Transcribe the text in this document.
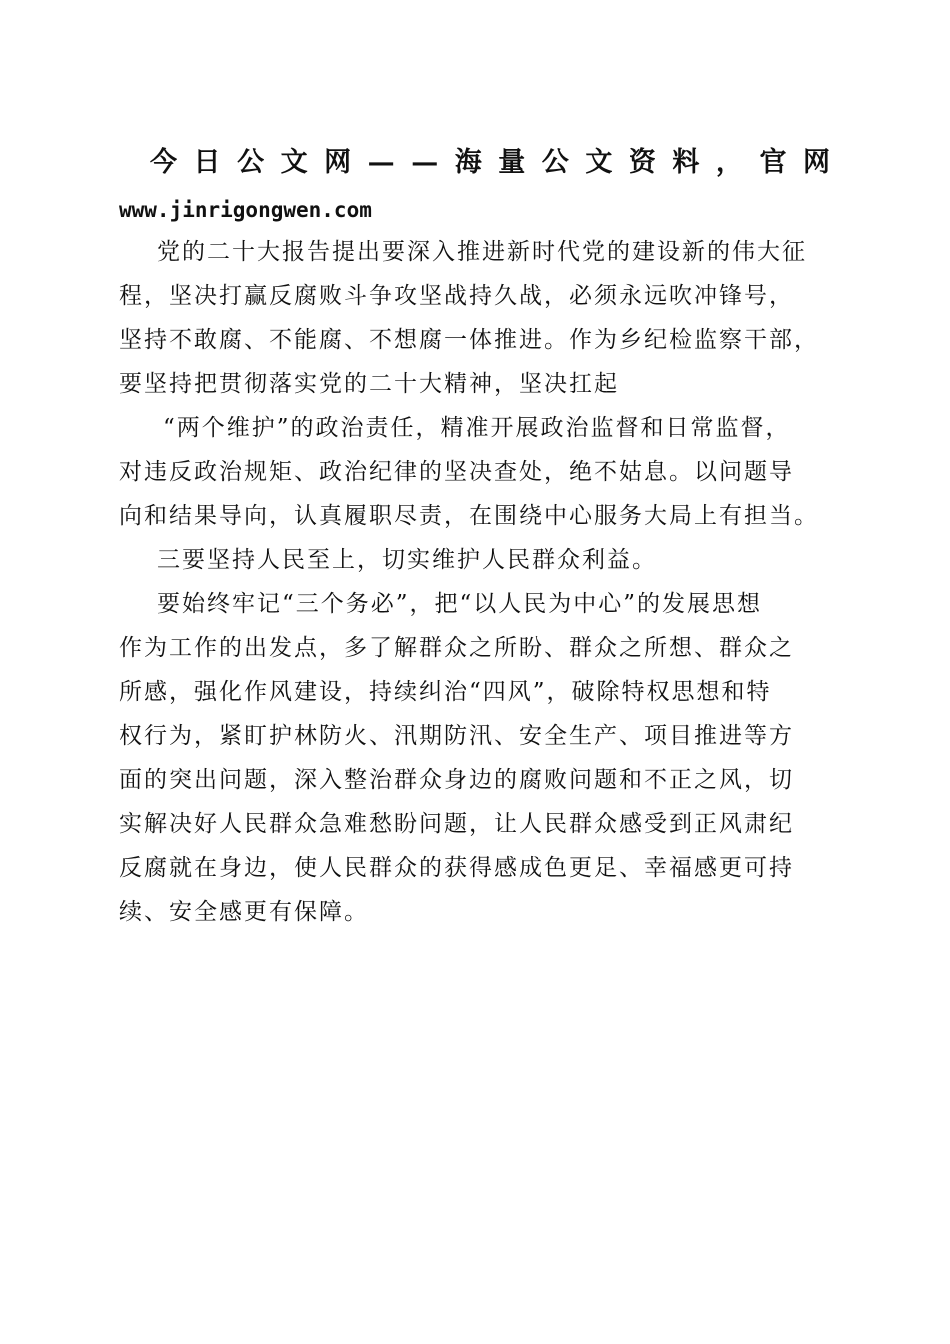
今 日 公 文 网 — — 海 量 公 文 资 料 ， 官 网
www.jinrigongwen.com
党的二十大报告提出要深入推进新时代党的建设新的伟大征
程，坚决打赢反腐败斗争攻坚战持久战，必须永远吹冲锋号，
坚持不敢腐、不能腐、不想腐一体推进。作为乡纪检监察干部，
要坚持把贯彻落实党的二十大精神，坚决扛起
“两个维护”的政治责任，精准开展政治监督和日常监督，
对违反政治规矩、政治纪律的坚决查处，绝不姑息。以问题导
向和结果导向，认真履职尽责，在围绕中心服务大局上有担当。
三要坚持人民至上，切实维护人民群众利益。
要始终牢记“三个务必”，把“以人民为中心”的发展思想
作为工作的出发点，多了解群众之所盼、群众之所想、群众之
所感，强化作风建设，持续纠治“四风”，破除特权思想和特
权行为，紧盯护林防火、汛期防汛、安全生产、项目推进等方
面的突出问题，深入整治群众身边的腐败问题和不正之风，切
实解决好人民群众急难愁盼问题，让人民群众感受到正风肃纪
反腐就在身边，使人民群众的获得感成色更足、幸福感更可持
续、安全感更有保障。
